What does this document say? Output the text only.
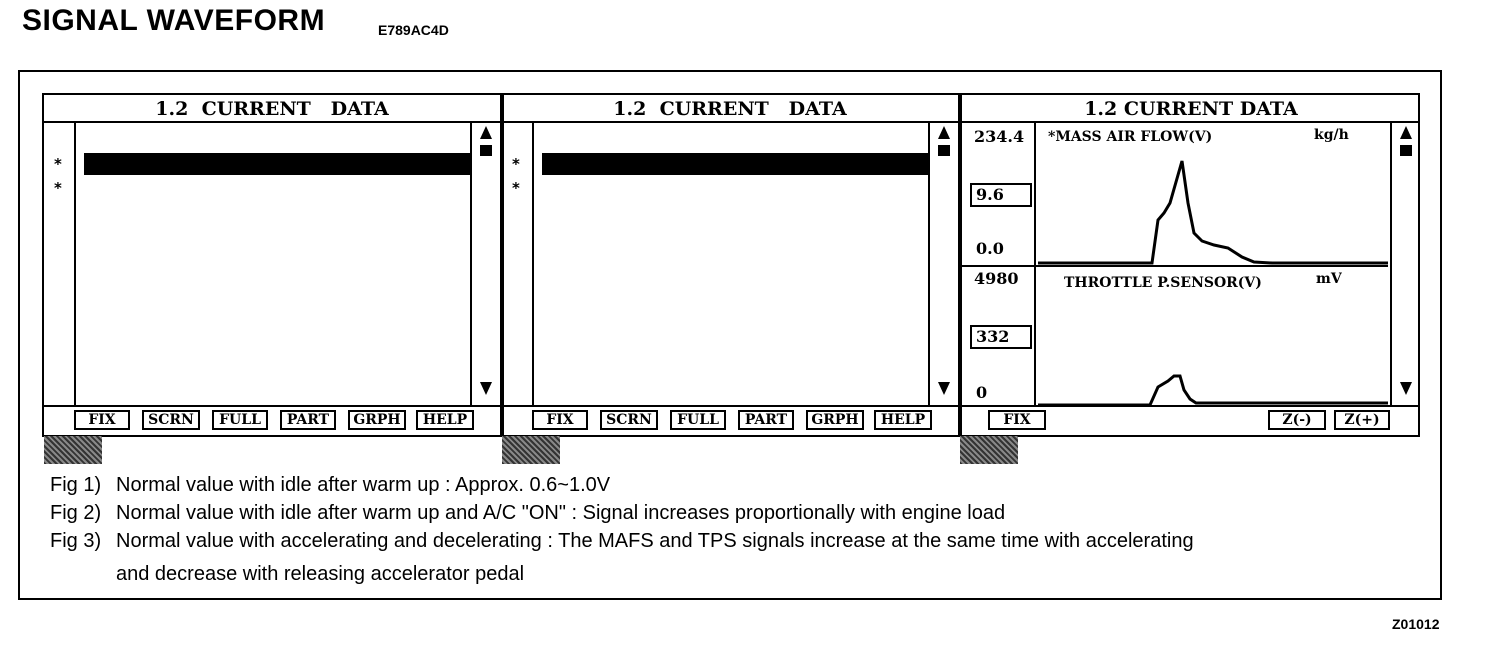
SIGNAL WAVEFORM	E789AC4D
1.2  CURRENT   DATA
*
*

MASS AIR FLOW

10.5 kg/h

FIX	SCRN	FULL	PART	GRPH	HELP
1.2  CURRENT   DATA
*
*

MASS AIR FLOW

16.5 kg/h

FIX	SCRN	FULL	PART	GRPH	HELP
1.2 CURRENT DATA
234.4
9.6
0.0
4980
332
0
*MASS AIR FLOW(V)	kg/h
THROTTLE P.SENSOR(V)	mV
FIX	Z(-)	Z(+)
Fig 1) Normal value with idle after warm up : Approx. 0.6~1.0V
Fig 2) Normal value with idle after warm up and A/C "ON" : Signal increases proportionally with engine load
Fig 3) Normal value with accelerating and decelerating : The MAFS and TPS signals increase at the same time with accelerating
and decrease with releasing accelerator pedal
Z01012
